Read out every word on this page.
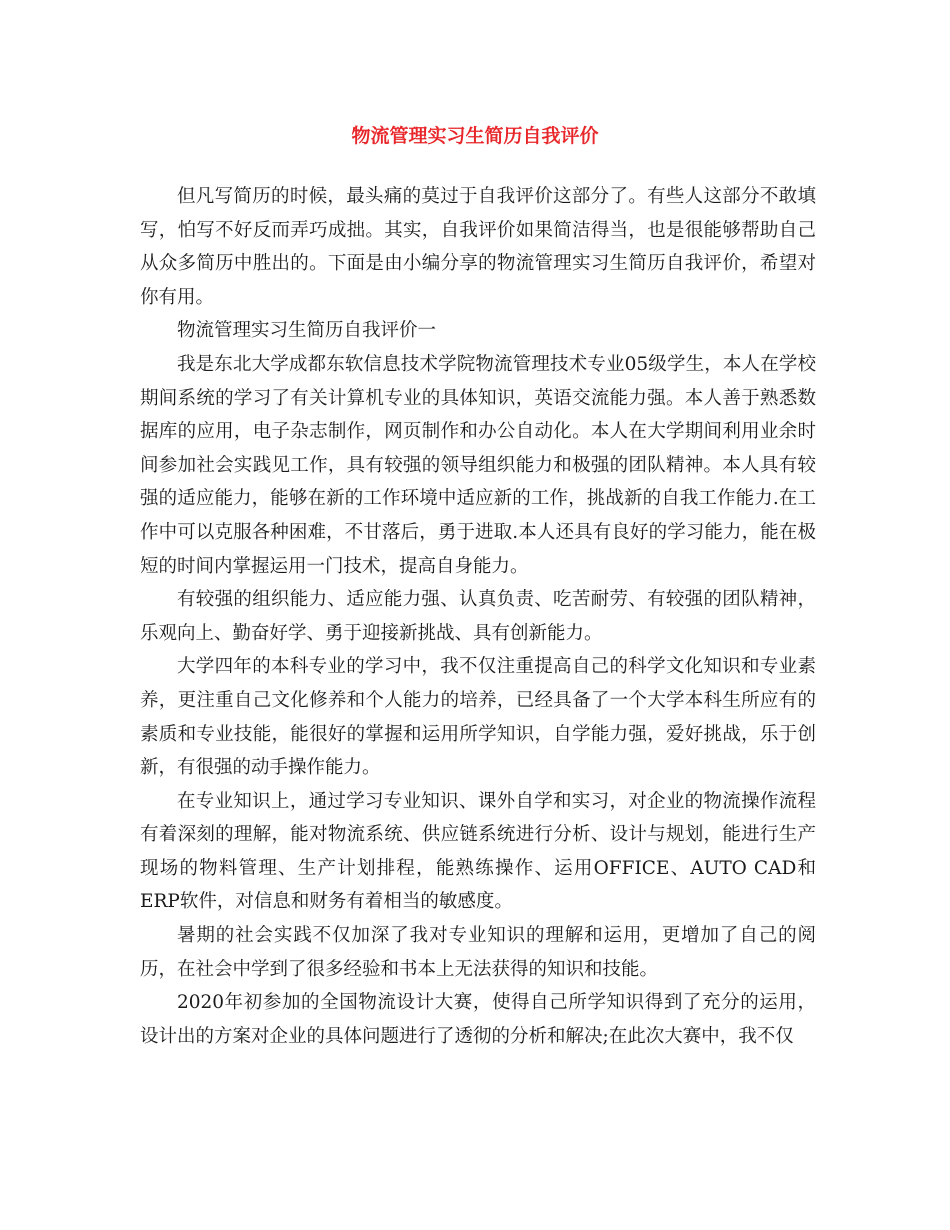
物流管理实习生简历自我评价

但凡写简历的时候，最头痛的莫过于自我评价这部分了。有些人这部分不敢填写，怕写不好反而弄巧成拙。其实，自我评价如果简洁得当，也是很能够帮助自己从众多简历中胜出的。下面是由小编分享的物流管理实习生简历自我评价，希望对你有用。

物流管理实习生简历自我评价一

我是东北大学成都东软信息技术学院物流管理技术专业05级学生，本人在学校期间系统的学习了有关计算机专业的具体知识，英语交流能力强。本人善于熟悉数据库的应用，电子杂志制作，网页制作和办公自动化。本人在大学期间利用业余时间参加社会实践见工作，具有较强的领导组织能力和极强的团队精神。本人具有较强的适应能力，能够在新的工作环境中适应新的工作，挑战新的自我工作能力.在工作中可以克服各种困难，不甘落后，勇于进取.本人还具有良好的学习能力，能在极短的时间内掌握运用一门技术，提高自身能力。

有较强的组织能力、适应能力强、认真负责、吃苦耐劳、有较强的团队精神，乐观向上、勤奋好学、勇于迎接新挑战、具有创新能力。

大学四年的本科专业的学习中，我不仅注重提高自己的科学文化知识和专业素养，更注重自己文化修养和个人能力的培养，已经具备了一个大学本科生所应有的素质和专业技能，能很好的掌握和运用所学知识，自学能力强，爱好挑战，乐于创新，有很强的动手操作能力。

在专业知识上，通过学习专业知识、课外自学和实习，对企业的物流操作流程有着深刻的理解，能对物流系统、供应链系统进行分析、设计与规划，能进行生产现场的物料管理、生产计划排程，能熟练操作、运用OFFICE、AUTO CAD和ERP软件，对信息和财务有着相当的敏感度。

暑期的社会实践不仅加深了我对专业知识的理解和运用，更增加了自己的阅历，在社会中学到了很多经验和书本上无法获得的知识和技能。

2020年初参加的全国物流设计大赛，使得自己所学知识得到了充分的运用，设计出的方案对企业的具体问题进行了透彻的分析和解决;在此次大赛中，我不仅
